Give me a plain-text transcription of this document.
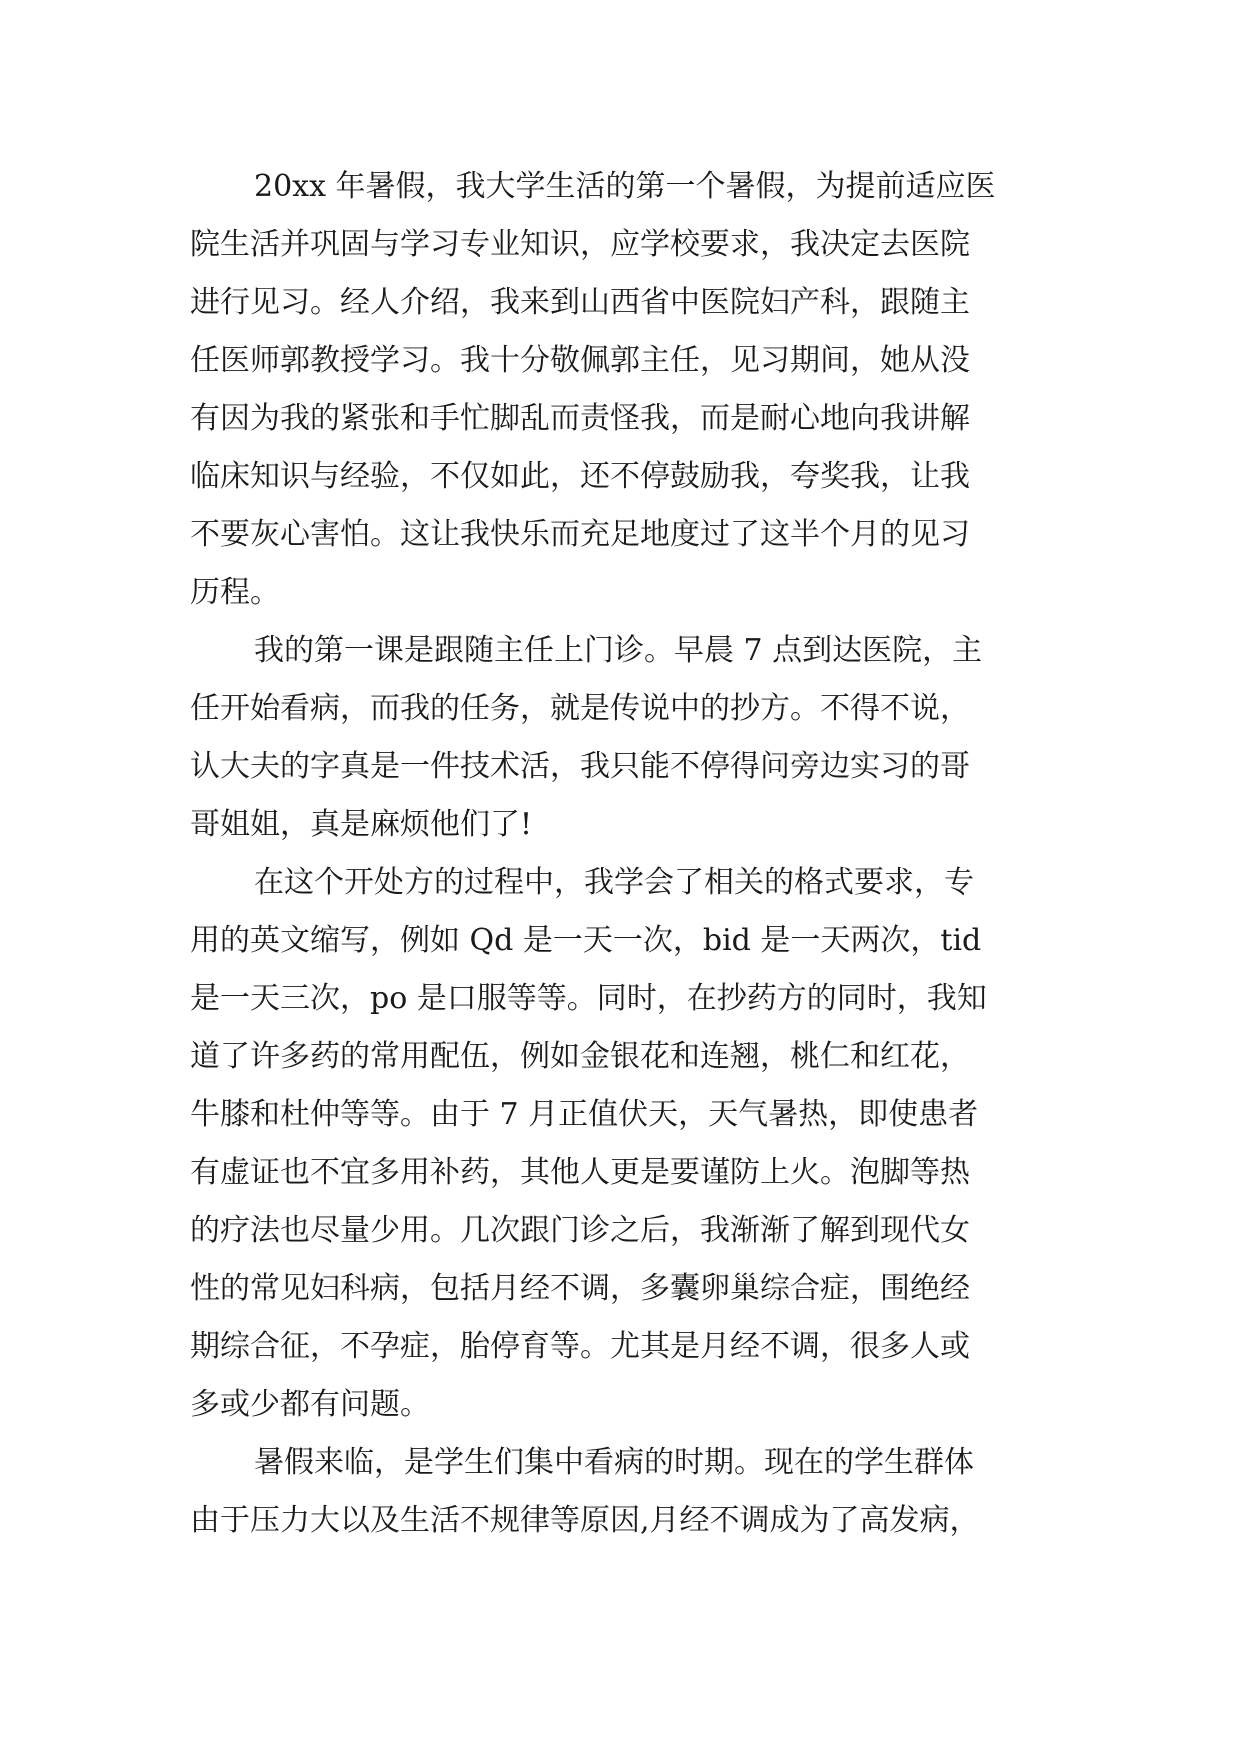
20xx 年暑假，我大学生活的第一个暑假，为提前适应医
院生活并巩固与学习专业知识，应学校要求，我决定去医院
进行见习。经人介绍，我来到山西省中医院妇产科，跟随主
任医师郭教授学习。我十分敬佩郭主任，见习期间，她从没
有因为我的紧张和手忙脚乱而责怪我，而是耐心地向我讲解
临床知识与经验，不仅如此，还不停鼓励我，夸奖我，让我
不要灰心害怕。这让我快乐而充足地度过了这半个月的见习
历程。
我的第一课是跟随主任上门诊。早晨 7 点到达医院，主
任开始看病，而我的任务，就是传说中的抄方。不得不说，
认大夫的字真是一件技术活，我只能不停得问旁边实习的哥
哥姐姐，真是麻烦他们了!
在这个开处方的过程中，我学会了相关的格式要求，专
用的英文缩写，例如 Qd 是一天一次，bid 是一天两次，tid
是一天三次，po 是口服等等。同时，在抄药方的同时，我知
道了许多药的常用配伍，例如金银花和连翘，桃仁和红花，
牛膝和杜仲等等。由于 7 月正值伏天，天气暑热，即使患者
有虚证也不宜多用补药，其他人更是要谨防上火。泡脚等热
的疗法也尽量少用。几次跟门诊之后，我渐渐了解到现代女
性的常见妇科病，包括月经不调，多囊卵巢综合症，围绝经
期综合征，不孕症，胎停育等。尤其是月经不调，很多人或
多或少都有问题。
暑假来临，是学生们集中看病的时期。现在的学生群体
由于压力大以及生活不规律等原因,月经不调成为了高发病，
